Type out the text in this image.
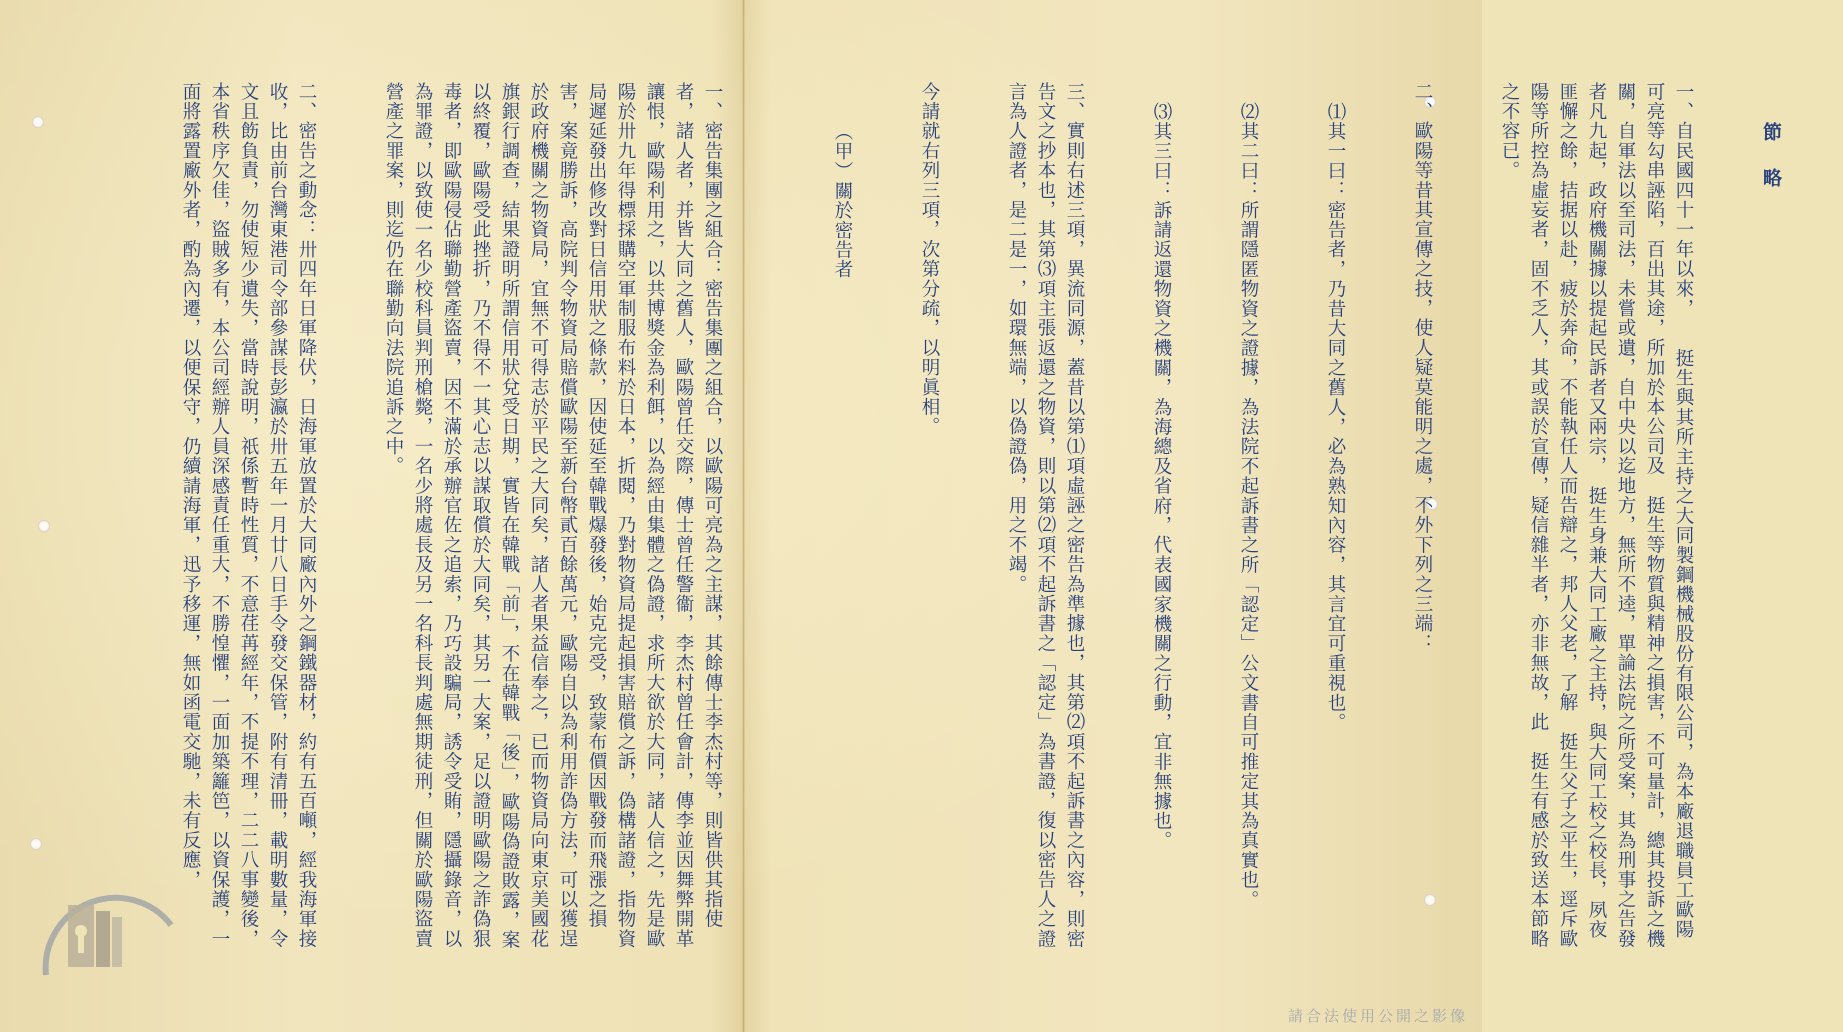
節　略

一、自民國四十一年以來，　　挺生與其所主持之大同製鋼機械股份有限公司，為本廠退職員工歐陽可亮等勾串誣陷，百出其途，所加於本公司及　挺生等物質與精神之損害，不可量計，總其投訴之機關，自軍法以至司法，未嘗或遺，自中央以迄地方，無所不逵，單論法院之所受案，其為刑事之告發者凡九起，政府機關據以提起民訴者又兩宗，　挺生身兼大同工廠之主持，與大同工校之校長，夙夜匪懈之餘，拮据以赴，疲於奔命，不能執任人而告辯之，邦人父老，了解　挺生父子之平生，逕斥歐陽等所控為虛妄者，固不乏人，其或誤於宣傳，疑信雜半者，亦非無故，此　挺生有感於致送本節略之不容已。

二、歐陽等昔其宣傳之技，使人疑莫能明之處，不外下列之三端：

⑴其一曰：密告者，乃昔大同之舊人，必為熟知內容，其言宜可重視也。

⑵其二曰：所謂隱匿物資之證據，為法院不起訴書之所「認定」公文書自可推定其為真實也。

⑶其三曰：訴請返還物資之機關，為海總及省府，代表國家機關之行動，宜非無據也。

三、實則右述三項，異流同源，蓋昔以第⑴項虛誣之密告為準據也，其第⑵項不起訴書之內容，則密告文之抄本也，其第⑶項主張返還之物資，則以第⑵項不起訴書之「認定」為書證，復以密告人之證言為人證者，是二是一，如環無端，以偽證偽，用之不竭。

今請就右列三項，次第分疏，以明眞相。

（甲）關於密告者

一、密告集團之組合：密告集團之組合，以歐陽可亮為之主謀，其餘傳士李杰村等，則皆供其指使者，諸人者，并皆大同之舊人，歐陽曾任交際，傳士曾任警衞，李杰村曾任會計，傳李並因舞弊開革讓恨，歐陽利用之，以共博獎金為利餌，以為經由集體之偽證，求所大欲於大同，諸人信之，先是歐陽於卅九年得標採購空軍制服布料於日本，折閱，乃對物資局提起損害賠償之訴，偽構諸證，指物資局遲延發出修改對日信用狀之條款，因使延至韓戰爆發後，始克完受，致蒙布價因戰發而飛漲之損害，案竟勝訴，高院判令物資局賠償歐陽至新台幣貳百餘萬元，歐陽自以為利用詐偽方法，可以獲逞於政府機關之物資局，宜無不可得志於平民之大同矣，諸人者果益信奉之，已而物資局向東京美國花旗銀行調查，結果證明所謂信用狀兌受日期，實皆在韓戰「前」，不在韓戰「後」，歐陽偽證敗露，案以終覆，歐陽受此挫折，乃不得不一其心志以謀取償於大同矣，其另一大案，足以證明歐陽之詐偽狠毒者，即歐陽侵佔聯勤營產盜賣，因不滿於承辦官佐之追索，乃巧設騙局，誘令受賄，隱攝錄音，以為罪證，以致使一名少校科員判刑槍斃，一名少將處長及另一名科長判處無期徒刑，但關於歐陽盜賣營產之罪案，則迄仍在聯勤向法院追訴之中。

二、密告之動念：卅四年日軍降伏，日海軍放置於大同廠內外之鋼鐵器材，約有五百噸，經我海軍接收，比由前台灣東港司令部參謀長彭瀛於卅五年一月廿八日手令發交保管，附有清冊，載明數量，令文且飭負責，勿使短少遺失，當時說明，祇係暫時性質，不意荏苒經年，不提不理，二二八事變後，本省秩序欠佳，盜賊多有，本公司經辦人員深感責任重大，不勝惶懼，一面加築籬笆，以資保護，一面將露置廠外者，酌為內遷，以便保守，仍續請海軍，迅予移運，無如函電交馳，未有反應，

請合法使用公開之影像
